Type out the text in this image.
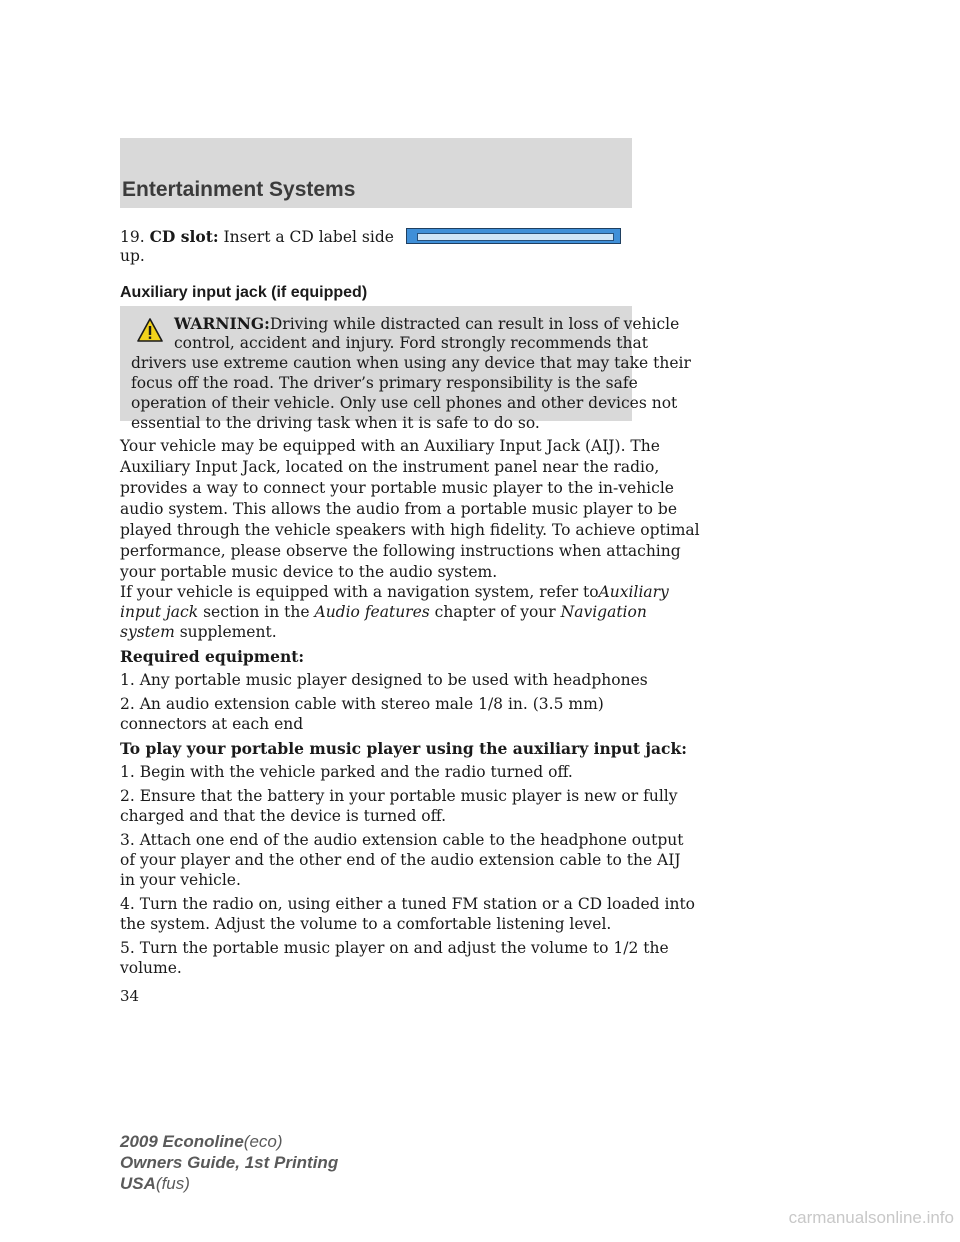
Entertainment Systems
19. CD slot: Insert a CD label side
up.
Auxiliary input jack (if equipped)
WARNING:Driving while distracted can result in loss of vehicle
control, accident and injury. Ford strongly recommends that
drivers use extreme caution when using any device that may take their
focus off the road. The driver’s primary responsibility is the safe
operation of their vehicle. Only use cell phones and other devices not
Your vehicle may be equipped with an Auxiliary Input Jack (AIJ). The
Auxiliary Input Jack, located on the instrument panel near the radio,
provides a way to connect your portable music player to the in-vehicle
audio system. This allows the audio from a portable music player to be
played through the vehicle speakers with high fidelity. To achieve optimal
performance, please observe the following instructions when attaching
your portable music device to the audio system.
If your vehicle is equipped with a navigation system, refer toAuxiliary
input jack section in the Audio features chapter of your Navigation
system supplement.
Required equipment:
1. Any portable music player designed to be used with headphones
2. An audio extension cable with stereo male 1/8 in. (3.5 mm)
connectors at each end
To play your portable music player using the auxiliary input jack:
1. Begin with the vehicle parked and the radio turned off.
2. Ensure that the battery in your portable music player is new or fully
charged and that the device is turned off.
3. Attach one end of the audio extension cable to the headphone output
of your player and the other end of the audio extension cable to the AIJ
in your vehicle.
4. Turn the radio on, using either a tuned FM station or a CD loaded into
the system. Adjust the volume to a comfortable listening level.
5. Turn the portable music player on and adjust the volume to 1/2 the
volume.
34
2009 Econoline(eco)
Owners Guide, 1st Printing
USA(fus)
carmanualsonline.info
essential to the driving task when it is safe to do so.
